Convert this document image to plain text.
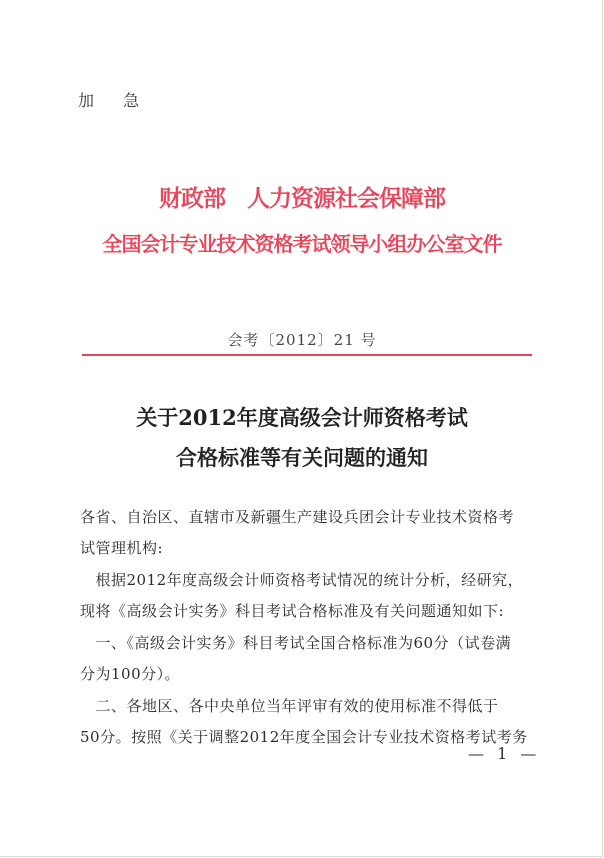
加 急
财政部　人力资源社会保障部
全国会计专业技术资格考试领导小组办公室文件
会考〔2012〕21 号
关于2012年度高级会计师资格考试
合格标准等有关问题的通知
各省、自治区、直辖市及新疆生产建设兵团会计专业技术资格考
试管理机构:
　根据2012年度高级会计师资格考试情况的统计分析，经研究，
现将《高级会计实务》科目考试合格标准及有关问题通知如下:
　一、《高级会计实务》科目考试全国合格标准为60分（试卷满
分为100分）。
　二、各地区、各中央单位当年评审有效的使用标准不得低于
50分。按照《关于调整2012年度全国会计专业技术资格考试考务
— 1 —
